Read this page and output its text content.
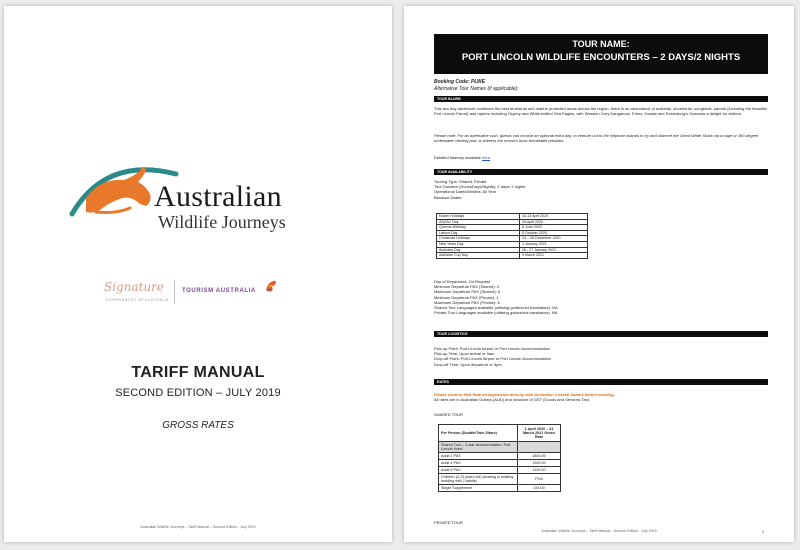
Australian
Wildlife Journeys
Signature
EXPERIENCES OF AUSTRALIA
TOURISM AUSTRALIA
TARIFF MANUAL
SECOND EDITION – JULY 2019
GROSS RATES
Australian Wildlife Journeys – Tariff Manual – Second Edition - July 2019
TOUR NAME:
PORT LINCOLN WILDLIFE ENCOUNTERS – 2 DAYS/2 NIGHTS
Booking Code: PLWE
Alternative Tour Names (if applicable):
TOUR BLURB
This two day adventure combines the best terrestrial and marine protected areas across the region, there is an abundance of seabirds, shorebirds, songbirds, parrots (including the beautiful Port Lincoln Parrot) and raptors including Osprey and White-bellied Sea Eagles, with Western Grey Kangaroos, Emus, Koalas and Rosenberg's Goannas a delight for visitors.
Please note: For an adrenaline rush, guests can choose an optional extra day, to venture out to the Neptune Islands to try and observe the Great White Shark via a cage or 360-degree underwater viewing pod, to witness the ocean's most formidable predator.
Detailed itinerary available here.
TOUR AVAILABILITY
Touring Type: Shared, Private
Tour Duration (Hours/Days/Nights): 2 days/ 2 nights
Operational Dates/Months: All Year
Blackout Dates:
Easter Holidays	10-13 April 2020
ANZAC Day	25 April 2020
Queens Birthday	8 June 2020
Labour Day	5 October 2020
Christmas Holidays	24 – 28 December 2020
New Years Day	1 January 2021
Australia Day	26 - 27 January 2021
Adelaide Cup Day	9 March 2021
Day of Departures: On Request
Minimum Departure PAX (Shared): 2
Maximum Departure PAX (Shared): 6
Minimum Departure PAX (Private): 1
Maximum Departure PAX (Private): 6
Shared Tour Languages available (utilising guides/not translators): NA
Private Tour Languages available (utilising guides/not translators): NA
TOUR LOGISTICS
Pick-up Point: Port Lincoln Airport or Port Lincoln Accommodation
Pick-up Time: Upon arrival or 9am
Drop-off Point: Port Lincoln Airport or Port Lincoln Accommodation
Drop-off Time: Upon departure or 5pm
RATES
Please confirm Nett Rate arrangements directly with Australian Coastal Safaris before booking.
All rates are in Australian Dollars (AUD) and inclusive of GST (Goods and Services Tax).
SHARED TOUR
Per Person (Double/Twin Share)	1 April 2020 – 31 March 2021 Gross Rate
Shared Tour – 4-star accommodation: Port Lincoln Hotel	
Adult 2 PAX	1800.00
Adult 4 PAX	1320.00
Adult 6 PAX	1130.00
Children (4-15 years old) (sharing in existing bedding with 2 adults)	POA
Single Supplement	234.00
PRIVATE TOUR
Australian Wildlife Journeys – Tariff Manual – Second Edition - July 2019	9
